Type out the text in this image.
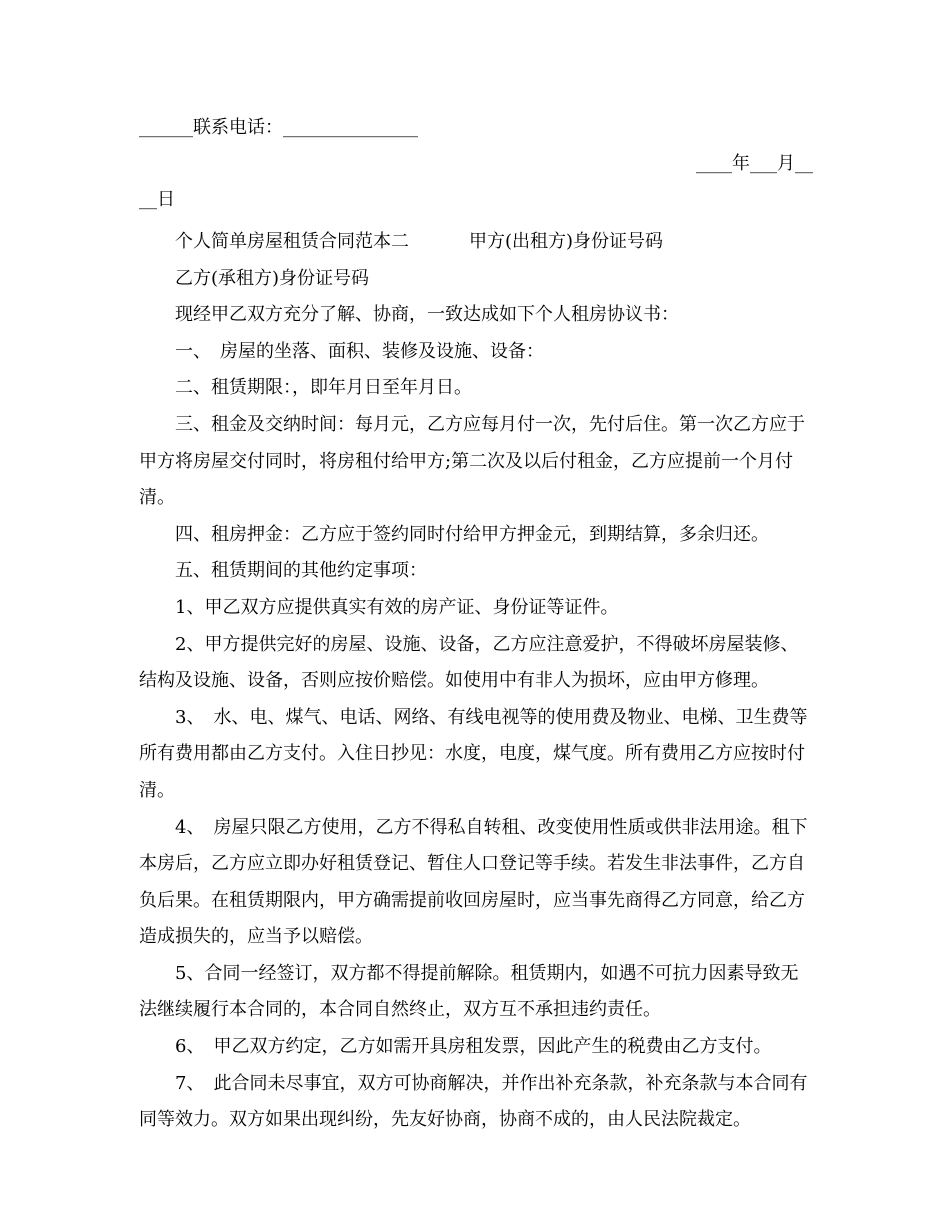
______联系电话：_______________
____年___月__
__日

个人简单房屋租赁合同范本二	甲方(出租方)身份证号码

乙方(承租方)身份证号码

现经甲乙双方充分了解、协商，一致达成如下个人租房协议书：

一、　房屋的坐落、面积、装修及设施、设备：

二、租赁期限：，即年月日至年月日。

三、租金及交纳时间：每月元，乙方应每月付一次，先付后住。第一次乙方应于甲方将房屋交付同时，将房租付给甲方;第二次及以后付租金，乙方应提前一个月付清。

四、租房押金：乙方应于签约同时付给甲方押金元，到期结算，多余归还。

五、租赁期间的其他约定事项：

1、甲乙双方应提供真实有效的房产证、身份证等证件。

2、甲方提供完好的房屋、设施、设备，乙方应注意爱护，不得破坏房屋装修、结构及设施、设备，否则应按价赔偿。如使用中有非人为损坏，应由甲方修理。

3、　水、电、煤气、电话、网络、有线电视等的使用费及物业、电梯、卫生费等所有费用都由乙方支付。入住日抄见：水度，电度，煤气度。所有费用乙方应按时付清。

4、　房屋只限乙方使用，乙方不得私自转租、改变使用性质或供非法用途。租下本房后，乙方应立即办好租赁登记、暂住人口登记等手续。若发生非法事件，乙方自负后果。在租赁期限内，甲方确需提前收回房屋时，应当事先商得乙方同意，给乙方造成损失的，应当予以赔偿。

5、合同一经签订，双方都不得提前解除。租赁期内，如遇不可抗力因素导致无法继续履行本合同的，本合同自然终止，双方互不承担违约责任。

6、　甲乙双方约定，乙方如需开具房租发票，因此产生的税费由乙方支付。

7、　此合同未尽事宜，双方可协商解决，并作出补充条款，补充条款与本合同有同等效力。双方如果出现纠纷，先友好协商，协商不成的，由人民法院裁定。
